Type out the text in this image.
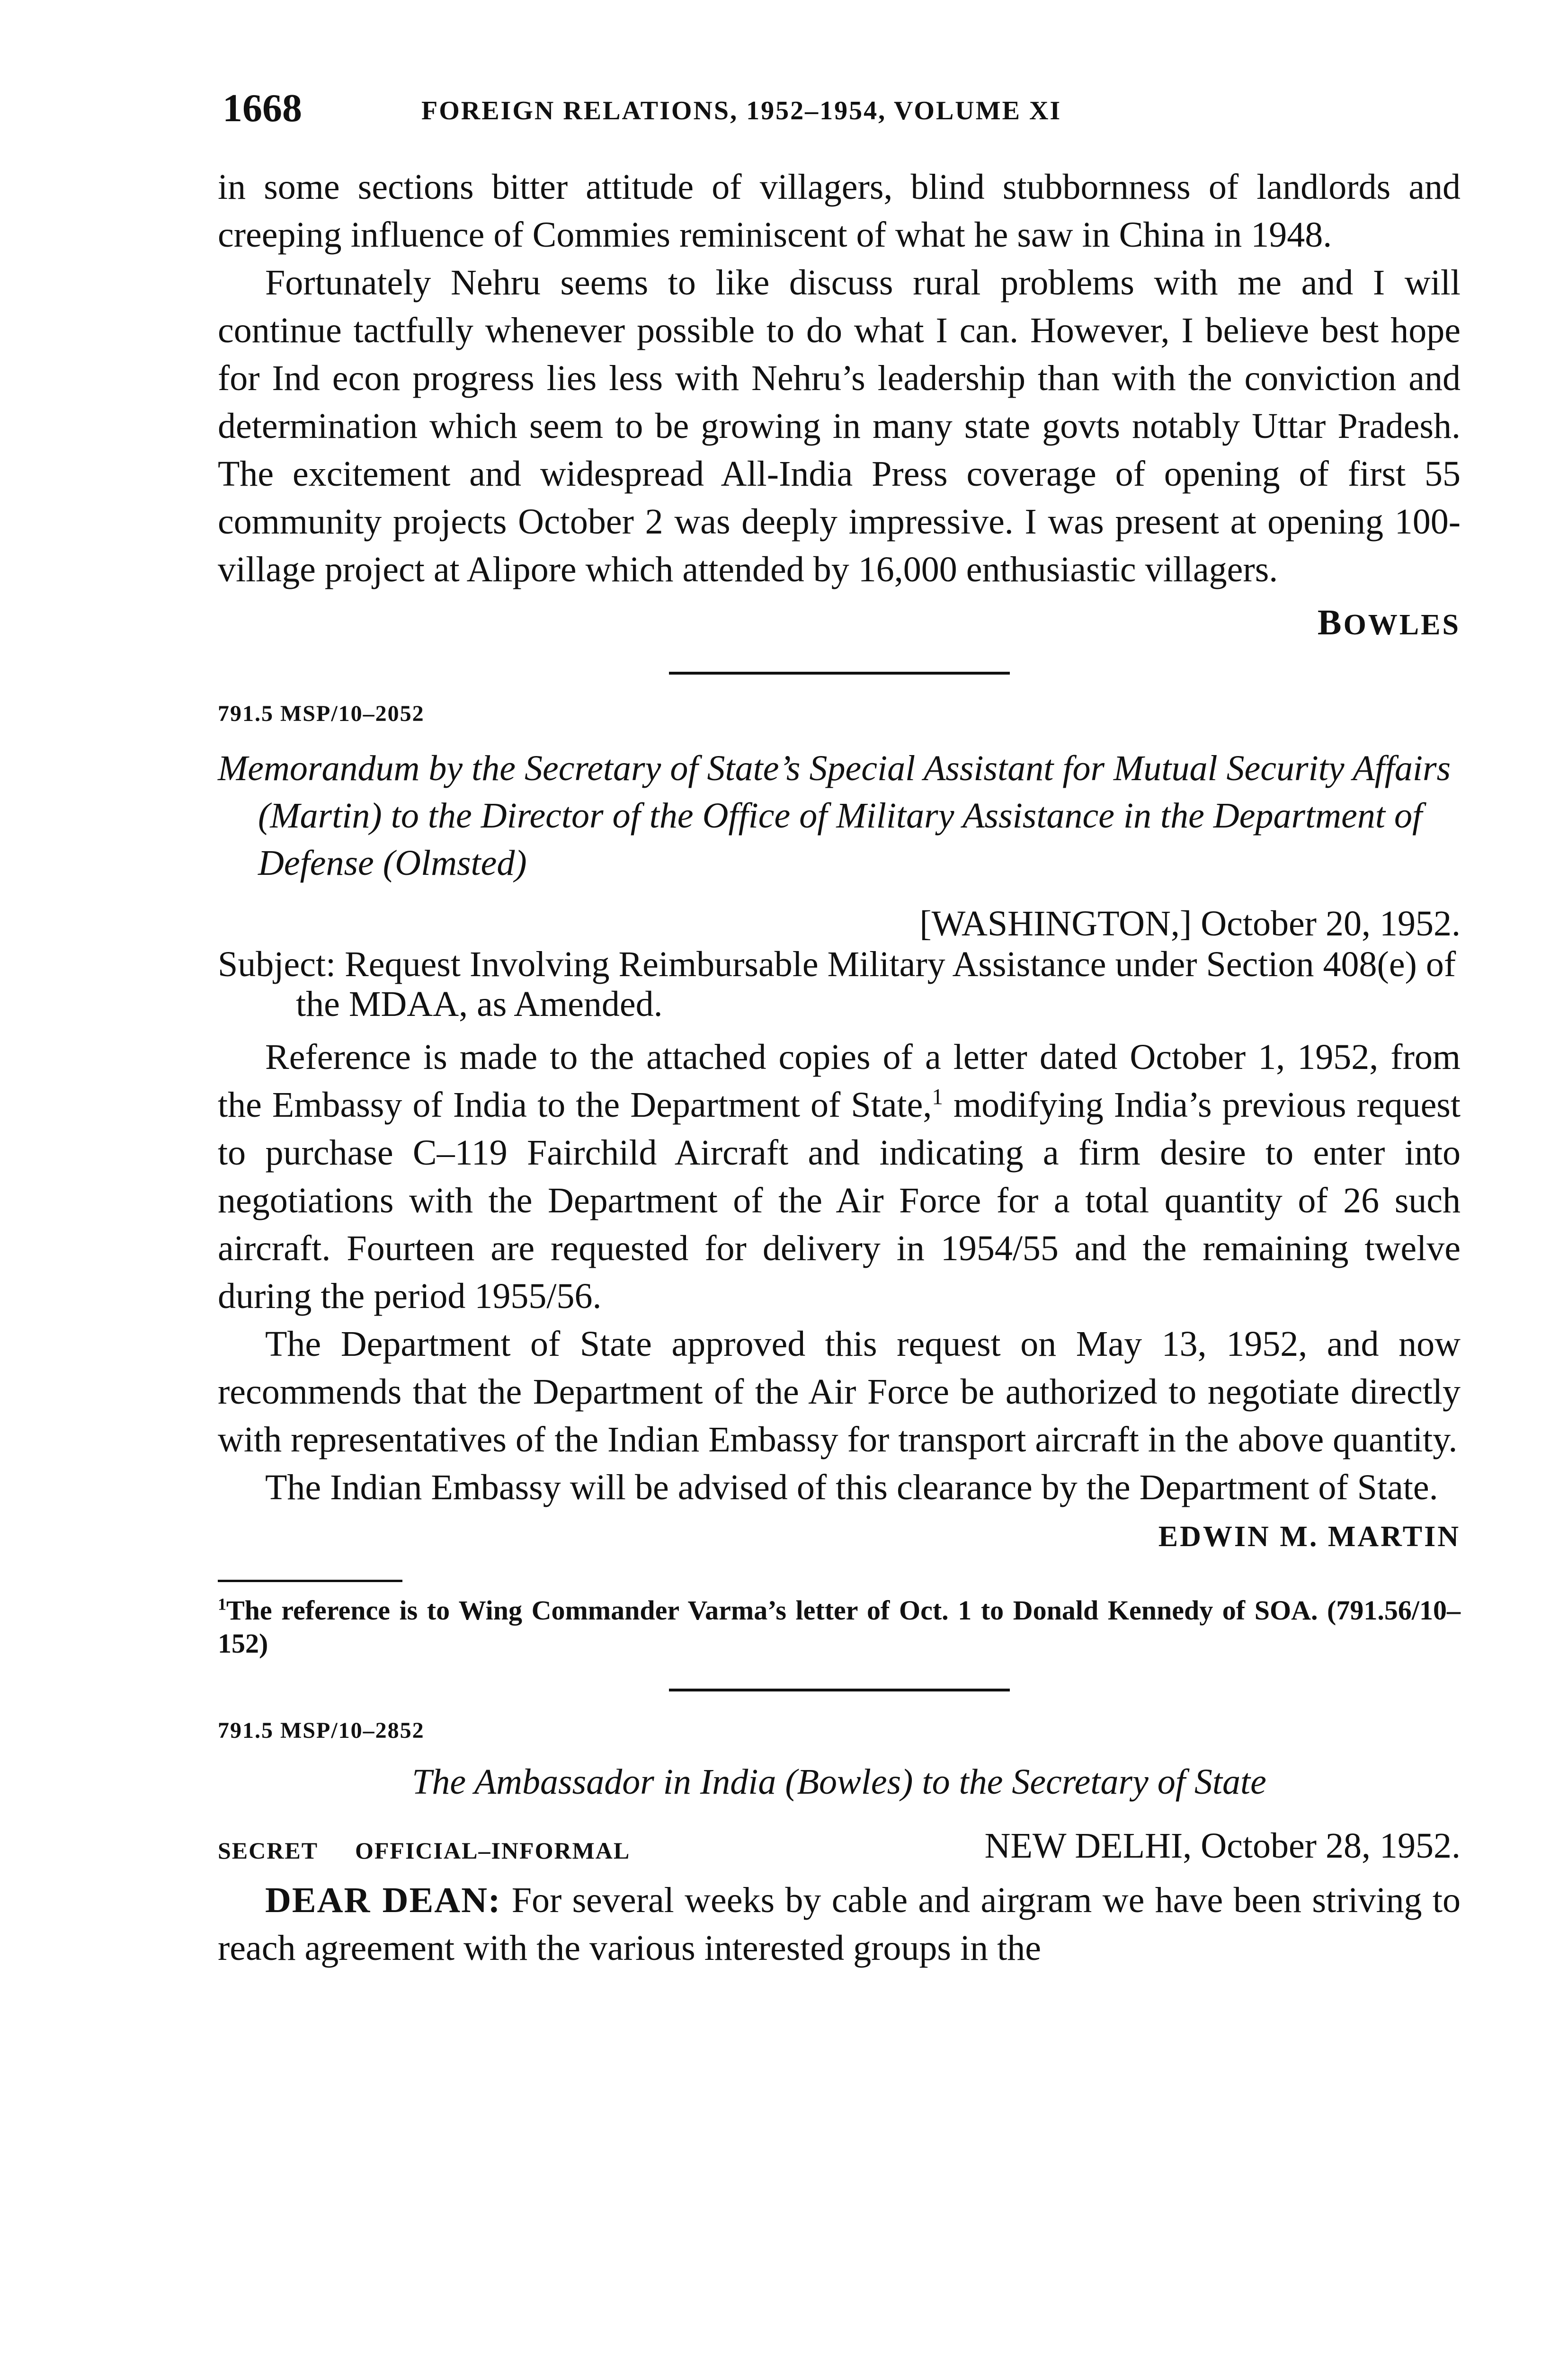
1668	FOREIGN RELATIONS, 1952–1954, VOLUME XI

in some sections bitter attitude of villagers, blind stubbornness of landlords and creeping influence of Commies reminiscent of what he saw in China in 1948.

Fortunately Nehru seems to like discuss rural problems with me and I will continue tactfully whenever possible to do what I can. However, I believe best hope for Ind econ progress lies less with Nehru’s leadership than with the conviction and determination which seem to be growing in many state govts notably Uttar Pradesh. The excitement and widespread All-India Press coverage of opening of first 55 community projects October 2 was deeply impressive. I was present at opening 100-village project at Alipore which attended by 16,000 enthusiastic villagers.

BOWLES
791.5 MSP/10–2052
Memorandum by the Secretary of State’s Special Assistant for Mutual Security Affairs (Martin) to the Director of the Office of Military Assistance in the Department of Defense (Olmsted)
[WASHINGTON,] October 20, 1952.
Subject: Request Involving Reimbursable Military Assistance under Section 408(e) of the MDAA, as Amended.

Reference is made to the attached copies of a letter dated October 1, 1952, from the Embassy of India to the Department of State,$^1$ modifying India’s previous request to purchase C–119 Fairchild Aircraft and indicating a firm desire to enter into negotiations with the Department of the Air Force for a total quantity of 26 such aircraft. Fourteen are requested for delivery in 1954/55 and the remaining twelve during the period 1955/56.

The Department of State approved this request on May 13, 1952, and now recommends that the Department of the Air Force be authorized to negotiate directly with representatives of the Indian Embassy for transport aircraft in the above quantity.

The Indian Embassy will be advised of this clearance by the Department of State.

EDWIN M. MARTIN
$^1$The reference is to Wing Commander Varma’s letter of Oct. 1 to Donald Kennedy of SOA. (791.56/10–152)
791.5 MSP/10–2852
The Ambassador in India (Bowles) to the Secretary of State
SECRET OFFICIAL–INFORMAL	NEW DELHI, October 28, 1952.

DEAR DEAN: For several weeks by cable and airgram we have been striving to reach agreement with the various interested groups in the
